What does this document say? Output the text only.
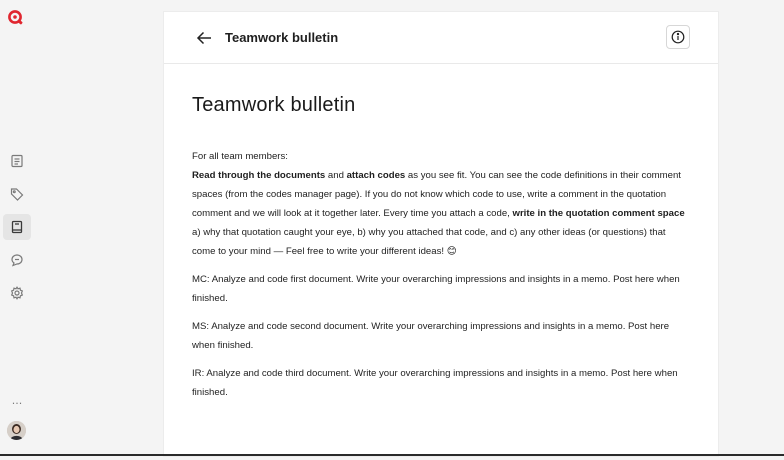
...
Teamwork bulletin
Teamwork bulletin

For all team members:
Read through the documents and attach codes as you see fit. You can see the code definitions in their comment spaces (from the codes manager page). If you do not know which code to use, write a comment in the quotation comment and we will look at it together later. Every time you attach a code, write in the quotation comment space a) why that quotation caught your eye, b) why you attached that code, and c) any other ideas (or questions) that come to your mind — Feel free to write your different ideas! 😊

MC: Analyze and code first document. Write your overarching impressions and insights in a memo. Post here when finished.

MS: Analyze and code second document. Write your overarching impressions and insights in a memo. Post here when finished.

IR: Analyze and code third document. Write your overarching impressions and insights in a memo. Post here when finished.
